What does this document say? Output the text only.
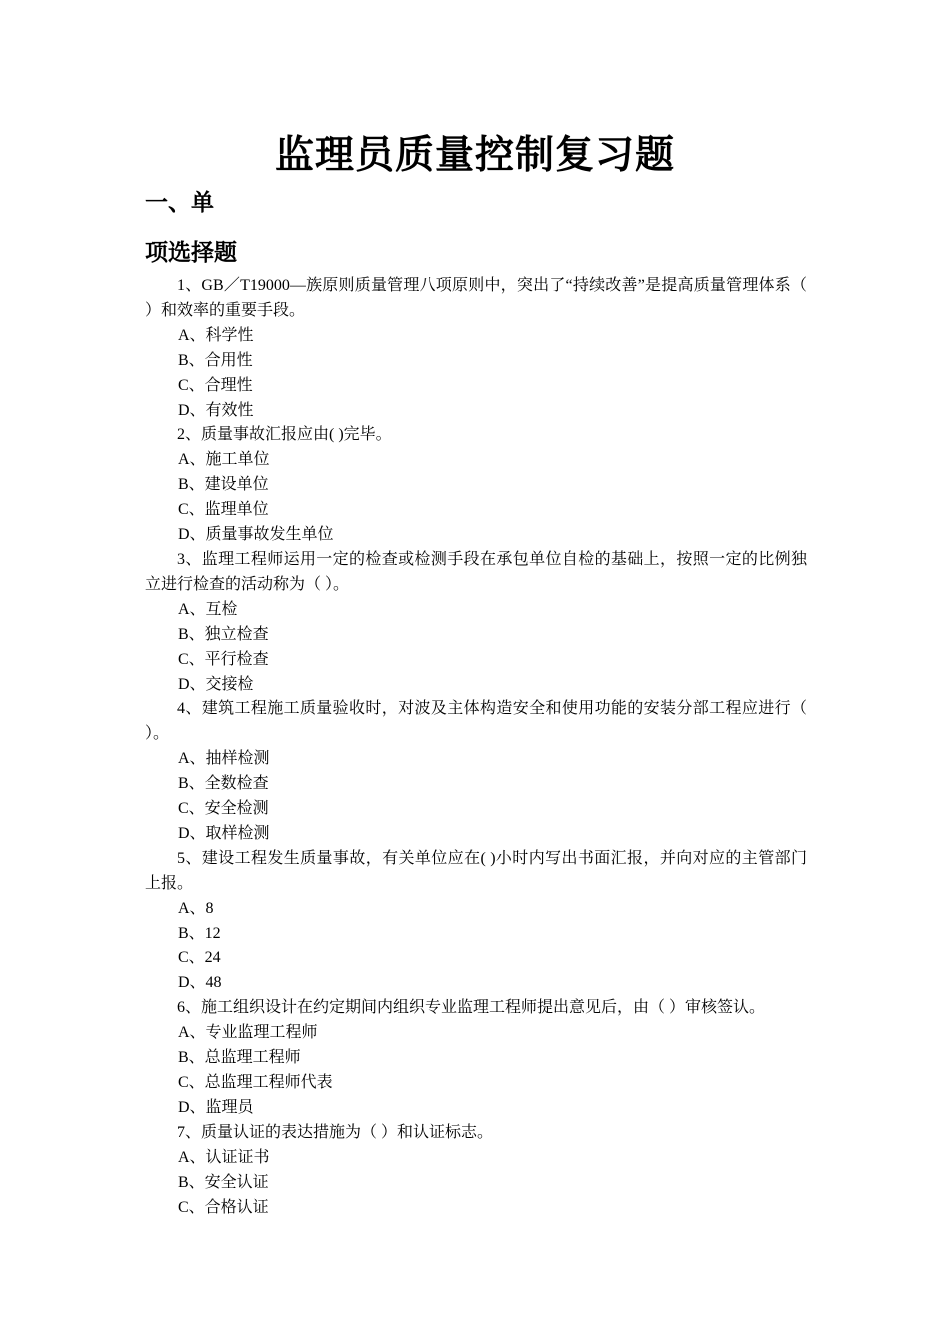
监理员质量控制复习题
一、单
项选择题

1、GB／T19000—族原则质量管理八项原则中，突出了“持续改善”是提高质量管理体系（ ）和效率的重要手段。

A、科学性

B、合用性

C、合理性

D、有效性

2、质量事故汇报应由( )完毕。

A、施工单位

B、建设单位

C、监理单位

D、质量事故发生单位

3、监理工程师运用一定的检查或检测手段在承包单位自检的基础上，按照一定的比例独立进行检查的活动称为（ ）。

A、互检

B、独立检查

C、平行检查

D、交接检

4、建筑工程施工质量验收时，对波及主体构造安全和使用功能的安装分部工程应进行（ ）。

A、抽样检测

B、全数检查

C、安全检测

D、取样检测

5、建设工程发生质量事故，有关单位应在( )小时内写出书面汇报，并向对应的主管部门上报。

A、8

B、12

C、24

D、48

6、施工组织设计在约定期间内组织专业监理工程师提出意见后，由（ ）审核签认。

A、专业监理工程师

B、总监理工程师

C、总监理工程师代表

D、监理员

7、质量认证的表达措施为（ ）和认证标志。

A、认证证书

B、安全认证

C、合格认证
